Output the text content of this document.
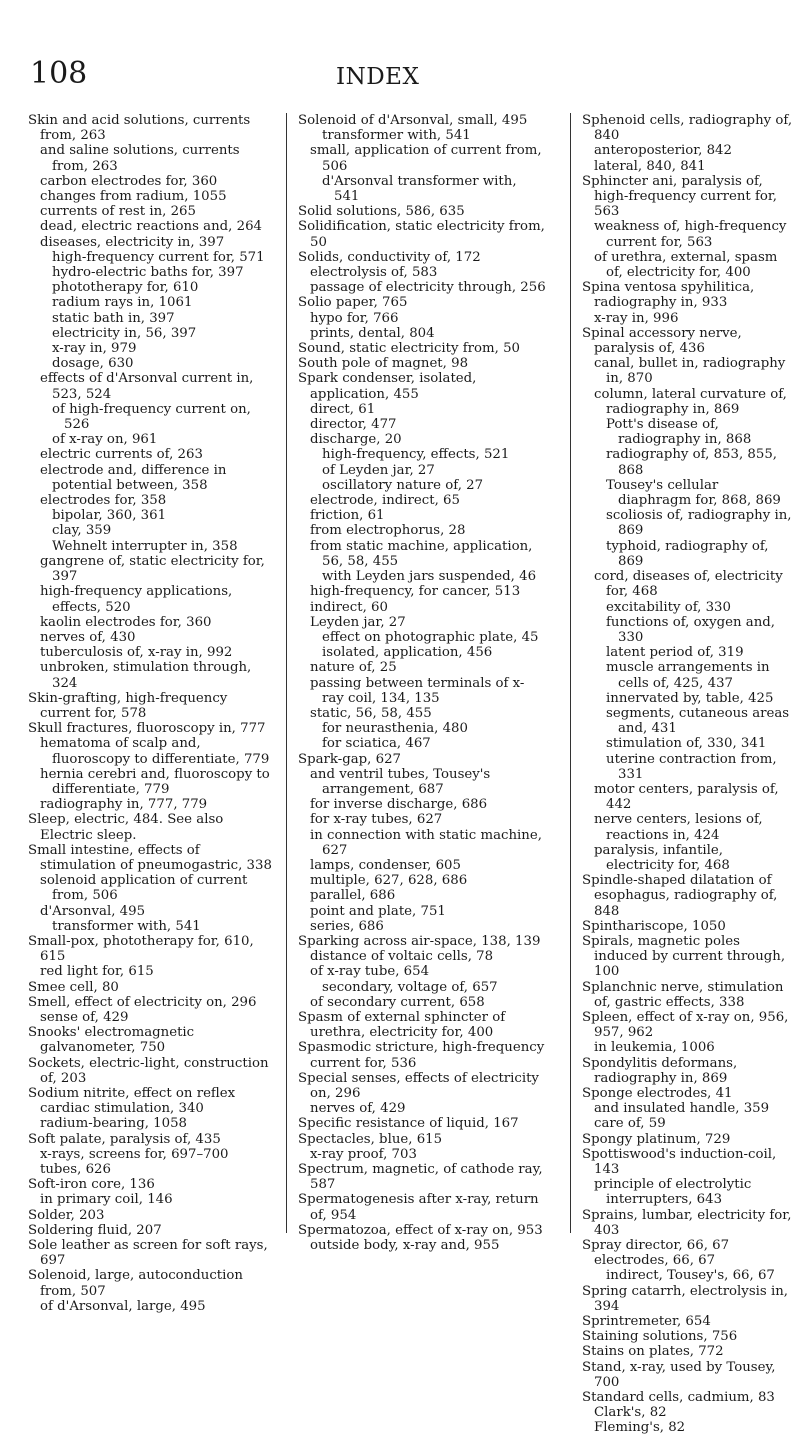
108	INDEX
Skin and acid solutions, currents from, 263
and saline solutions, currents from, 263
carbon electrodes for, 360
changes from radium, 1055
currents of rest in, 265
dead, electric reactions and, 264
diseases, electricity in, 397
high-frequency current for, 571
hydro-electric baths for, 397
phototherapy for, 610
radium rays in, 1061
static bath in, 397
electricity in, 56, 397
x-ray in, 979
dosage, 630
effects of d'Arsonval current in, 523, 524
of high-frequency current on, 526
of x-ray on, 961
electric currents of, 263
electrode and, difference in potential between, 358
electrodes for, 358
bipolar, 360, 361
clay, 359
Wehnelt interrupter in, 358
gangrene of, static electricity for, 397
high-frequency applications, effects, 520
kaolin electrodes for, 360
nerves of, 430
tuberculosis of, x-ray in, 992
unbroken, stimulation through, 324
Skin-grafting, high-frequency current for, 578
Skull fractures, fluoroscopy in, 777
hematoma of scalp and, fluoroscopy to differentiate, 779
hernia cerebri and, fluoroscopy to differentiate, 779
radiography in, 777, 779
Sleep, electric, 484. See also Electric sleep.
Small intestine, effects of stimulation of pneumogastric, 338
solenoid application of current from, 506
d'Arsonval, 495
transformer with, 541
Small-pox, phototherapy for, 610, 615
red light for, 615
Smee cell, 80
Smell, effect of electricity on, 296
sense of, 429
Snooks' electromagnetic galvanometer, 750
Sockets, electric-light, construction of, 203
Sodium nitrite, effect on reflex cardiac stimulation, 340
radium-bearing, 1058
Soft palate, paralysis of, 435
x-rays, screens for, 697–700
tubes, 626
Soft-iron core, 136
in primary coil, 146
Solder, 203
Soldering fluid, 207
Sole leather as screen for soft rays, 697
Solenoid, large, autoconduction from, 507
of d'Arsonval, large, 495
Solenoid of d'Arsonval, small, 495
transformer with, 541
small, application of current from, 506
d'Arsonval transformer with, 541
Solid solutions, 586, 635
Solidification, static electricity from, 50
Solids, conductivity of, 172
electrolysis of, 583
passage of electricity through, 256
Solio paper, 765
hypo for, 766
prints, dental, 804
Sound, static electricity from, 50
South pole of magnet, 98
Spark condenser, isolated, application, 455
direct, 61
director, 477
discharge, 20
high-frequency, effects, 521
of Leyden jar, 27
oscillatory nature of, 27
electrode, indirect, 65
friction, 61
from electrophorus, 28
from static machine, application, 56, 58, 455
with Leyden jars suspended, 46
high-frequency, for cancer, 513
indirect, 60
Leyden jar, 27
effect on photographic plate, 45
isolated, application, 456
nature of, 25
passing between terminals of x-ray coil, 134, 135
static, 56, 58, 455
for neurasthenia, 480
for sciatica, 467
Spark-gap, 627
and ventril tubes, Tousey's arrangement, 687
for inverse discharge, 686
for x-ray tubes, 627
in connection with static machine, 627
lamps, condenser, 605
multiple, 627, 628, 686
parallel, 686
point and plate, 751
series, 686
Sparking across air-space, 138, 139
distance of voltaic cells, 78
of x-ray tube, 654
secondary, voltage of, 657
of secondary current, 658
Spasm of external sphincter of urethra, electricity for, 400
Spasmodic stricture, high-frequency current for, 536
Special senses, effects of electricity on, 296
nerves of, 429
Specific resistance of liquid, 167
Spectacles, blue, 615
x-ray proof, 703
Spectrum, magnetic, of cathode ray, 587
Spermatogenesis after x-ray, return of, 954
Spermatozoa, effect of x-ray on, 953
outside body, x-ray and, 955
Sphenoid cells, radiography of, 840
anteroposterior, 842
lateral, 840, 841
Sphincter ani, paralysis of, high-frequency current for, 563
weakness of, high-frequency current for, 563
of urethra, external, spasm of, electricity for, 400
Spina ventosa spyhilitica, radiography in, 933
x-ray in, 996
Spinal accessory nerve, paralysis of, 436
canal, bullet in, radiography in, 870
column, lateral curvature of, radiography in, 869
Pott's disease of, radiography in, 868
radiography of, 853, 855, 868
Tousey's cellular diaphragm for, 868, 869
scoliosis of, radiography in, 869
typhoid, radiography of, 869
cord, diseases of, electricity for, 468
excitability of, 330
functions of, oxygen and, 330
latent period of, 319
muscle arrangements in cells of, 425, 437
innervated by, table, 425
segments, cutaneous areas and, 431
stimulation of, 330, 341
uterine contraction from, 331
motor centers, paralysis of, 442
nerve centers, lesions of, reactions in, 424
paralysis, infantile, electricity for, 468
Spindle-shaped dilatation of esophagus, radiography of, 848
Spinthariscope, 1050
Spirals, magnetic poles induced by current through, 100
Splanchnic nerve, stimulation of, gastric effects, 338
Spleen, effect of x-ray on, 956, 957, 962
in leukemia, 1006
Spondylitis deformans, radiography in, 869
Sponge electrodes, 41
and insulated handle, 359
care of, 59
Spongy platinum, 729
Spottiswood's induction-coil, 143
principle of electrolytic interrupters, 643
Sprains, lumbar, electricity for, 403
Spray director, 66, 67
electrodes, 66, 67
indirect, Tousey's, 66, 67
Spring catarrh, electrolysis in, 394
Sprintremeter, 654
Staining solutions, 756
Stains on plates, 772
Stand, x-ray, used by Tousey, 700
Standard cells, cadmium, 83
Clark's, 82
Fleming's, 82
